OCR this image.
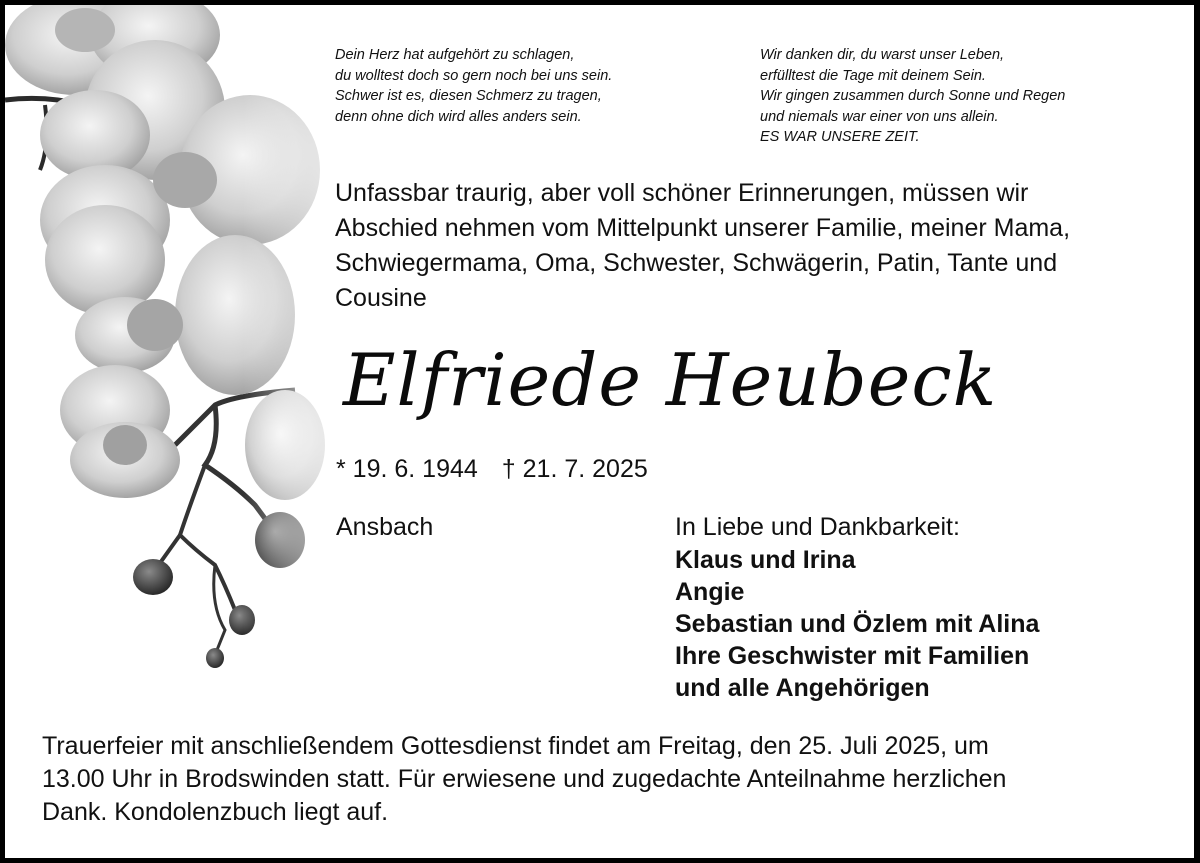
Dein Herz hat aufgehört zu schlagen,
du wolltest doch so gern noch bei uns sein.
Schwer ist es, diesen Schmerz zu tragen,
denn ohne dich wird alles anders sein.
Wir danken dir, du warst unser Leben,
erfülltest die Tage mit deinem Sein.
Wir gingen zusammen durch Sonne und Regen
und niemals war einer von uns allein.
ES WAR UNSERE ZEIT.
Unfassbar traurig, aber voll schöner Erinnerungen, müssen wir
Abschied nehmen vom Mittelpunkt unserer Familie, meiner Mama,
Schwiegermama, Oma, Schwester, Schwägerin, Patin, Tante und
Cousine
Elfriede Heubeck
* 19. 6. 1944 † 21. 7. 2025
Ansbach	In Liebe und Dankbarkeit:
Klaus und Irina
Angie
Sebastian und Özlem mit Alina
Ihre Geschwister mit Familien
und alle Angehörigen
Trauerfeier mit anschließendem Gottesdienst findet am Freitag, den 25. Juli 2025, um
13.00 Uhr in Brodswinden statt. Für erwiesene und zugedachte Anteilnahme herzlichen
Dank. Kondolenzbuch liegt auf.
